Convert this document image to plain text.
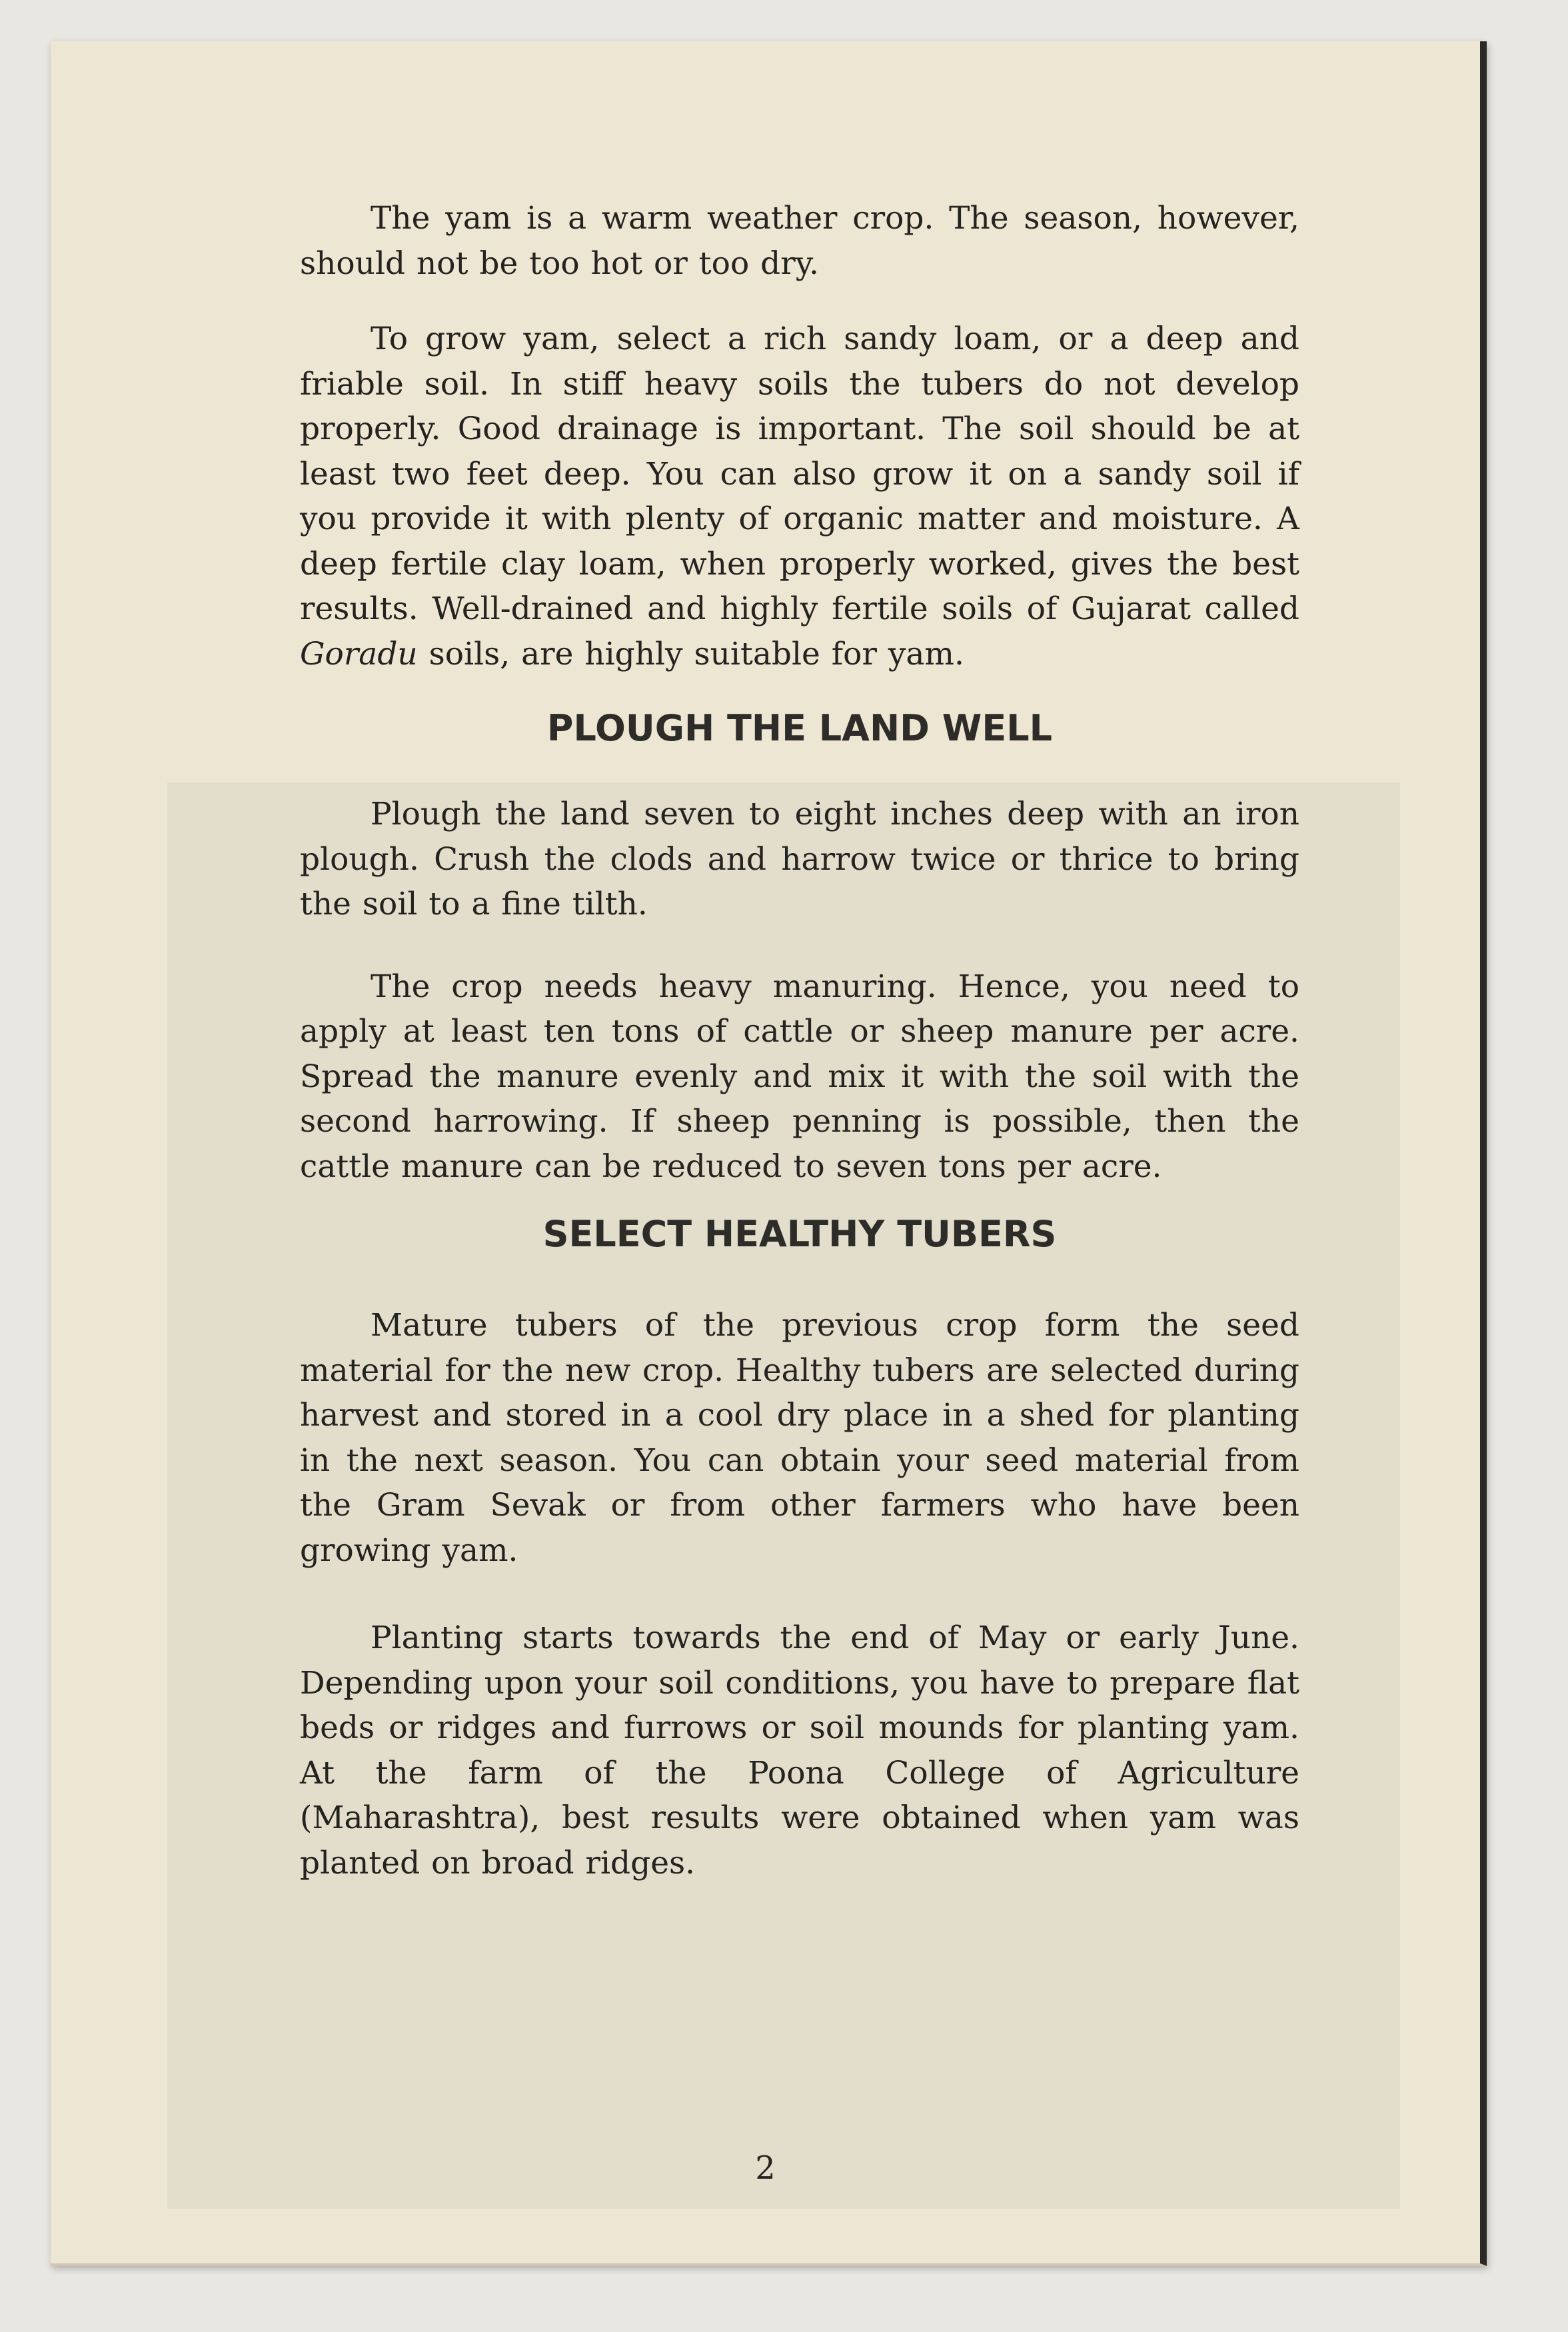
The yam is a warm weather crop. The season, however, should not be too hot or too dry.

To grow yam, select a rich sandy loam, or a deep and friable soil. In stiff heavy soils the tubers do not develop properly. Good drainage is important. The soil should be at least two feet deep. You can also grow it on a sandy soil if you provide it with plenty of organic matter and moisture. A deep fertile clay loam, when properly worked, gives the best results. Well-drained and highly fertile soils of Gujarat called Goradu soils, are highly suitable for yam.

PLOUGH THE LAND WELL

Plough the land seven to eight inches deep with an iron plough. Crush the clods and harrow twice or thrice to bring the soil to a fine tilth.

The crop needs heavy manuring. Hence, you need to apply at least ten tons of cattle or sheep manure per acre. Spread the manure evenly and mix it with the soil with the second harrowing. If sheep penning is possible, then the cattle manure can be reduced to seven tons per acre.

SELECT HEALTHY TUBERS

Mature tubers of the previous crop form the seed material for the new crop. Healthy tubers are selected during harvest and stored in a cool dry place in a shed for planting in the next season. You can obtain your seed material from the Gram Sevak or from other farmers who have been growing yam.

Planting starts towards the end of May or early June. Depending upon your soil conditions, you have to prepare flat beds or ridges and furrows or soil mounds for planting yam. At the farm of the Poona College of Agriculture (Maharashtra), best results were obtained when yam was planted on broad ridges.

2
